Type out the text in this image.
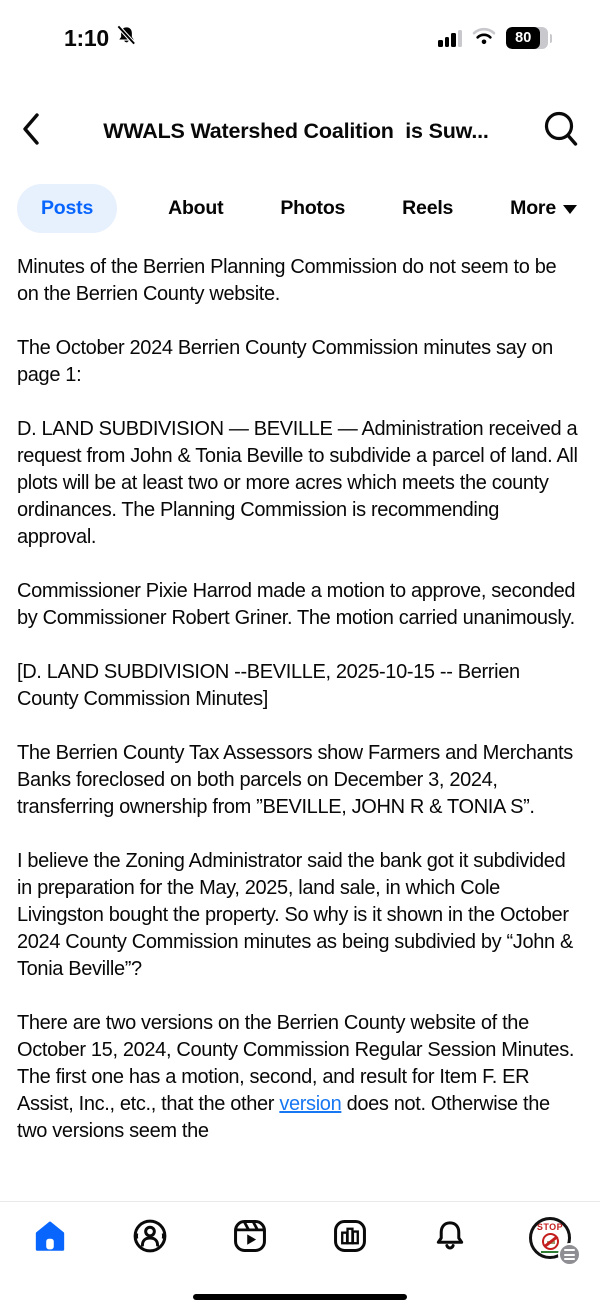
1:10	80
WWALS Watershed Coalition  is Suw...
Posts	About	Photos	Reels	More

Minutes of the Berrien Planning Commission do not seem to be on the Berrien County website.

The October 2024 Berrien County Commission minutes say on page 1:

D. LAND SUBDIVISION — BEVILLE — Administration received a request from John & Tonia Beville to subdivide a parcel of land. All plots will be at least two or more acres which meets the county ordinances. The Planning Commission is recommending approval.

Commissioner Pixie Harrod made a motion to approve, seconded by Commissioner Robert Griner. The motion carried unanimously.

[D. LAND SUBDIVISION --BEVILLE, 2025-10-15 -- Berrien County Commission Minutes]

The Berrien County Tax Assessors show Farmers and Merchants Banks foreclosed on both parcels on December 3, 2024, transferring ownership from ”BEVILLE, JOHN R & TONIA S”.

I believe the Zoning Administrator said the bank got it subdivided in preparation for the May, 2025, land sale, in which Cole Livingston bought the property. So why is it shown in the October 2024 County Commission minutes as being subdivied by “John & Tonia Beville”?

There are two versions on the Berrien County website of the October 15, 2024, County Commission Regular Session Minutes. The first one has a motion, second, and result for Item F. ER Assist, Inc., etc., that the other version does not. Otherwise the two versions seem the

STOP
